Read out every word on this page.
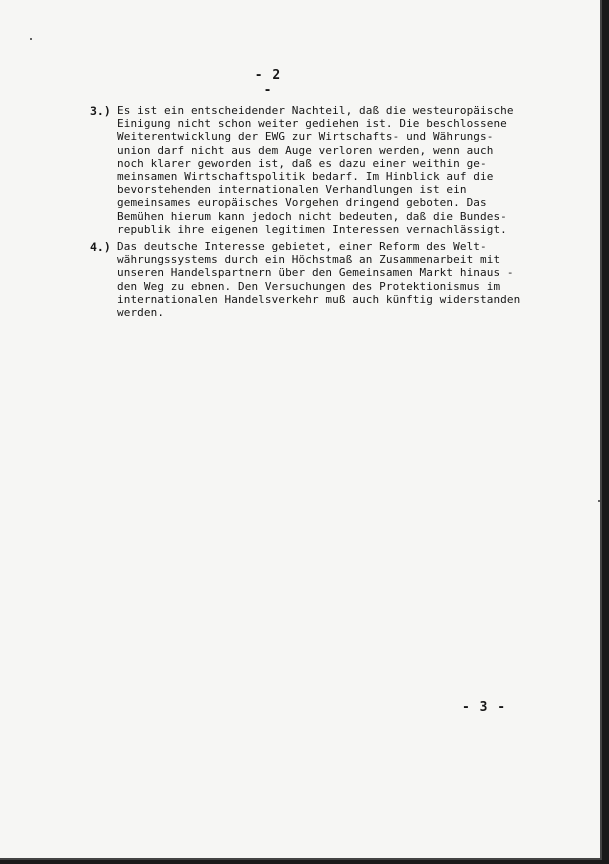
- 2 -
3.) Es ist ein entscheidender Nachteil, daß die westeuropäische
Einigung nicht schon weiter gediehen ist. Die beschlossene
Weiterentwicklung der EWG zur Wirtschafts- und Währungs-
union darf nicht aus dem Auge verloren werden, wenn auch
noch klarer geworden ist, daß es dazu einer weithin ge-
meinsamen Wirtschaftspolitik bedarf. Im Hinblick auf die
bevorstehenden internationalen Verhandlungen ist ein
gemeinsames europäisches Vorgehen dringend geboten. Das
Bemühen hierum kann jedoch nicht bedeuten, daß die Bundes-
republik ihre eigenen legitimen Interessen vernachlässigt.
4.) Das deutsche Interesse gebietet, einer Reform des Welt-
währungssystems durch ein Höchstmaß an Zusammenarbeit mit
unseren Handelspartnern über den Gemeinsamen Markt hinaus -
den Weg zu ebnen. Den Versuchungen des Protektionismus im
internationalen Handelsverkehr muß auch künftig widerstanden
werden.
- 3 -
